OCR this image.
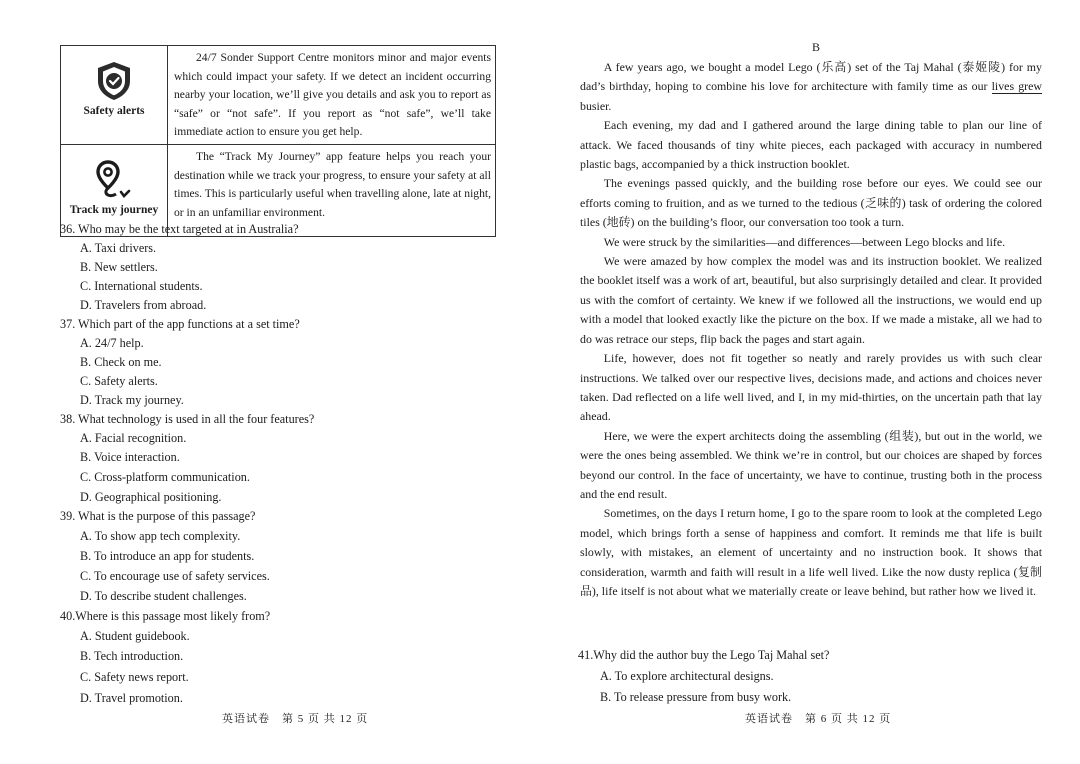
Safety alerts	24/7 Sonder Support Centre monitors minor and major events which could impact your safety. If we detect an incident occurring nearby your location, we’ll give you details and ask you to report as “safe” or “not safe”. If you report as “not safe”, we’ll take immediate action to ensure you get help.

Track my journey	The “Track My Journey” app feature helps you reach your destination while we track your progress, to ensure your safety at all times. This is particularly useful when travelling alone, late at night, or in an unfamiliar environment.
36. Who may be the text targeted at in Australia?
A. Taxi drivers.
B. New settlers.
C. International students.
D. Travelers from abroad.
37. Which part of the app functions at a set time?
A. 24/7 help.
B. Check on me.
C. Safety alerts.
D. Track my journey.
38. What technology is used in all the four features?
A. Facial recognition.
B. Voice interaction.
C. Cross-platform communication.
D. Geographical positioning.
39. What is the purpose of this passage?
A. To show app tech complexity.
B. To introduce an app for students.
C. To encourage use of safety services.
D. To describe student challenges.
40.Where is this passage most likely from?
A. Student guidebook.
B. Tech introduction.
C. Safety news report.
D. Travel promotion.
英语试卷　第 5 页 共 12 页
B

A few years ago, we bought a model Lego (乐高) set of the Taj Mahal (泰姬陵) for my dad’s birthday, hoping to combine his love for architecture with family time as our lives grew busier.

Each evening, my dad and I gathered around the large dining table to plan our line of attack. We faced thousands of tiny white pieces, each packaged with accuracy in numbered plastic bags, accompanied by a thick instruction booklet.

The evenings passed quickly, and the building rose before our eyes. We could see our efforts coming to fruition, and as we turned to the tedious (乏味的) task of ordering the colored tiles (地砖) on the building’s floor, our conversation too took a turn.

We were struck by the similarities—and differences—between Lego blocks and life.

We were amazed by how complex the model was and its instruction booklet. We realized the booklet itself was a work of art, beautiful, but also surprisingly detailed and clear. It provided us with the comfort of certainty. We knew if we followed all the instructions, we would end up with a model that looked exactly like the picture on the box. If we made a mistake, all we had to do was retrace our steps, flip back the pages and start again.

Life, however, does not fit together so neatly and rarely provides us with such clear instructions. We talked over our respective lives, decisions made, and actions and choices never taken. Dad reflected on a life well lived, and I, in my mid-thirties, on the uncertain path that lay ahead.

Here, we were the expert architects doing the assembling (组装), but out in the world, we were the ones being assembled. We think we’re in control, but our choices are shaped by forces beyond our control. In the face of uncertainty, we have to continue, trusting both in the process and the end result.

Sometimes, on the days I return home, I go to the spare room to look at the completed Lego model, which brings forth a sense of happiness and comfort. It reminds me that life is built slowly, with mistakes, an element of uncertainty and no instruction book. It shows that consideration, warmth and faith will result in a life well lived. Like the now dusty replica (复制品), life itself is not about what we materially create or leave behind, but rather how we lived it.

41.Why did the author buy the Lego Taj Mahal set?
A. To explore architectural designs.
B. To release pressure from busy work.
英语试卷　第 6 页 共 12 页
